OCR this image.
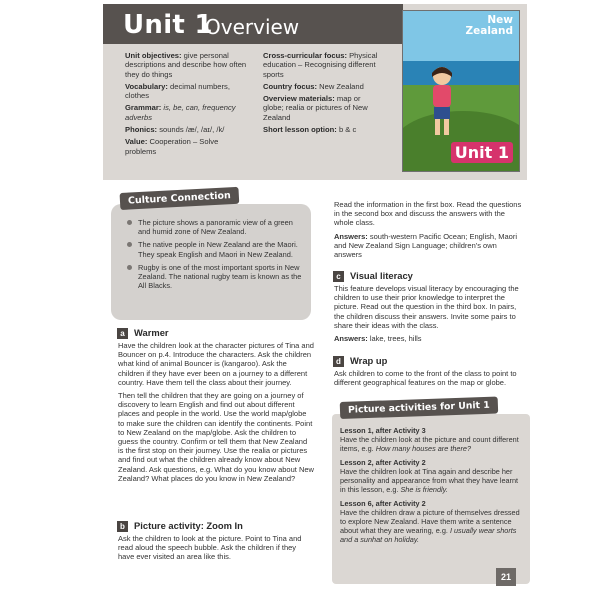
Unit 1
Overview

Unit objectives: give personal descriptions and describe how often they do things

Vocabulary: decimal numbers, clothes

Grammar: is, be, can, frequency adverbs

Phonics: sounds /æ/, /aɪ/, /k/

Value: Cooperation – Solve problems

Cross-curricular focus: Physical education – Recognising different sports

Country focus: New Zealand

Overview materials: map or globe; realia or pictures of New Zealand

Short lesson option: b & c

New
Zealand
Unit 1
Culture Connection
The picture shows a panoramic view of a green and humid zone of New Zealand.
The native people in New Zealand are the Maori. They speak English and Maori in New Zealand.
Rugby is one of the most important sports in New Zealand. The national rugby team is known as the All Blacks.
a Warmer

Have the children look at the character pictures of Tina and Bouncer on p.4. Introduce the characters. Ask the children what kind of animal Bouncer is (kangaroo). Ask the children if they have ever been on a journey to a different country. Have them tell the class about their journey.

Then tell the children that they are going on a journey of discovery to learn English and find out about different places and people in the world. Use the world map/globe to make sure the children can identify the continents. Point to New Zealand on the map/globe. Ask the children to guess the country. Confirm or tell them that New Zealand is the first stop on their journey. Use the realia or pictures and find out what the children already know about New Zealand. Ask questions, e.g. What do you know about New Zealand? What places do you know in New Zealand?

b Picture activity: Zoom In

Ask the children to look at the picture. Point to Tina and read aloud the speech bubble. Ask the children if they have ever visited an area like this.

Read the information in the first box. Read the questions in the second box and discuss the answers with the whole class.

Answers: south-western Pacific Ocean; English, Maori and New Zealand Sign Language; children's own answers

c Visual literacy

This feature develops visual literacy by encouraging the children to use their prior knowledge to interpret the picture. Read out the question in the third box. In pairs, the children discuss their answers. Invite some pairs to share their ideas with the class.

Answers: lake, trees, hills

d Wrap up

Ask children to come to the front of the class to point to different geographical features on the map or globe.

Picture activities for Unit 1

Lesson 1, after Activity 3
Have the children look at the picture and count different items, e.g. How many houses are there?

Lesson 2, after Activity 2
Have the children look at Tina again and describe her personality and appearance from what they have learnt in this lesson, e.g. She is friendly.

Lesson 6, after Activity 2
Have the children draw a picture of themselves dressed to explore New Zealand. Have them write a sentence about what they are wearing, e.g. I usually wear shorts and a sunhat on holiday.

21
